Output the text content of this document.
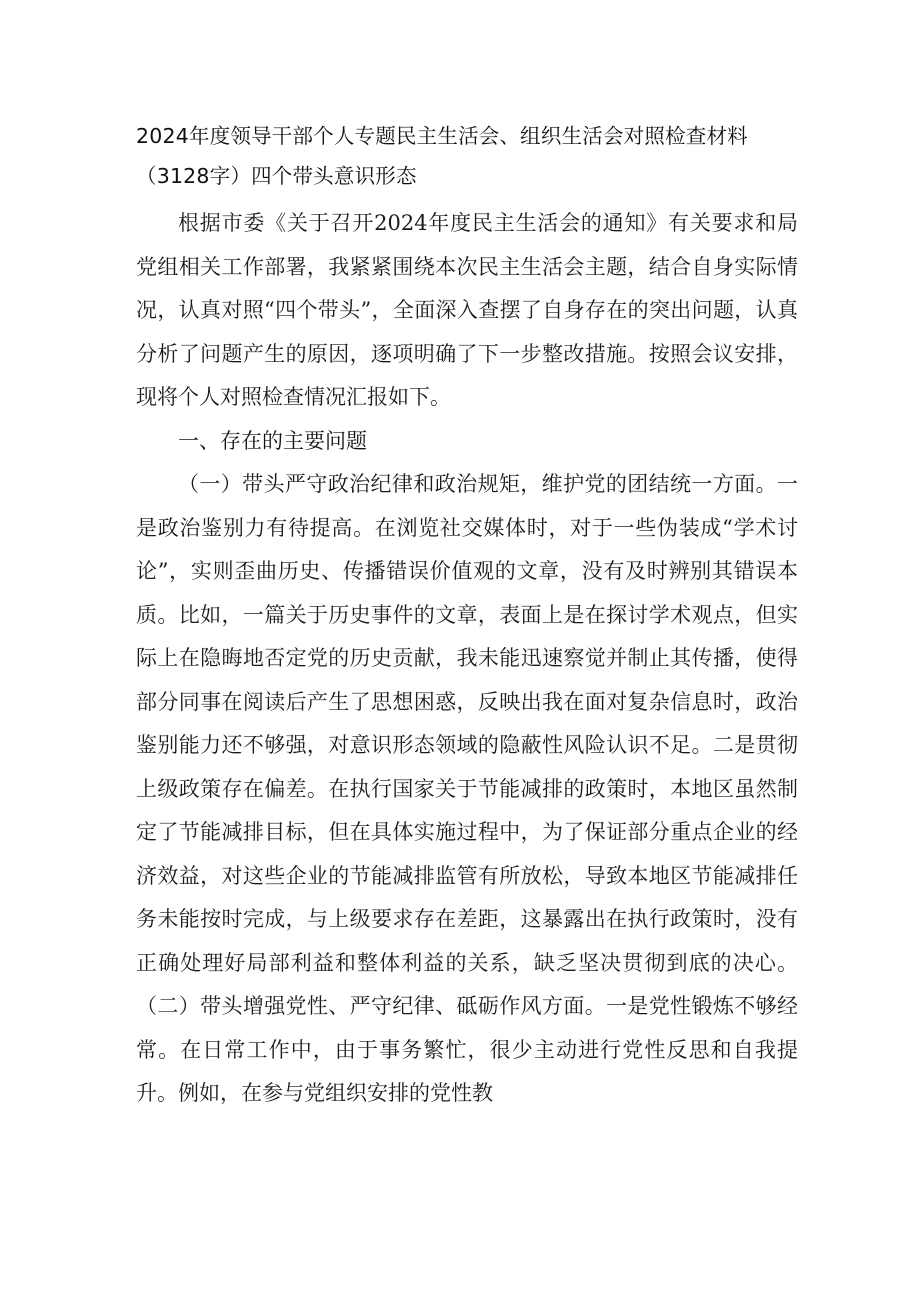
2024年度领导干部个人专题民主生活会、组织生活会对照检查材料（3128字）四个带头意识形态

根据市委《关于召开2024年度民主生活会的通知》有关要求和局党组相关工作部署，我紧紧围绕本次民主生活会主题，结合自身实际情况，认真对照“四个带头”，全面深入查摆了自身存在的突出问题，认真分析了问题产生的原因，逐项明确了下一步整改措施。按照会议安排，现将个人对照检查情况汇报如下。

一、存在的主要问题

（一）带头严守政治纪律和政治规矩，维护党的团结统一方面。一是政治鉴别力有待提高。在浏览社交媒体时，对于一些伪装成“学术讨论”，实则歪曲历史、传播错误价值观的文章，没有及时辨别其错误本质。比如，一篇关于历史事件的文章，表面上是在探讨学术观点，但实际上在隐晦地否定党的历史贡献，我未能迅速察觉并制止其传播，使得部分同事在阅读后产生了思想困惑，反映出我在面对复杂信息时，政治鉴别能力还不够强，对意识形态领域的隐蔽性风险认识不足。二是贯彻上级政策存在偏差。在执行国家关于节能减排的政策时，本地区虽然制定了节能减排目标，但在具体实施过程中，为了保证部分重点企业的经济效益，对这些企业的节能减排监管有所放松，导致本地区节能减排任务未能按时完成，与上级要求存在差距，这暴露出在执行政策时，没有正确处理好局部利益和整体利益的关系，缺乏坚决贯彻到底的决心。（二）带头增强党性、严守纪律、砥砺作风方面。一是党性锻炼不够经常。在日常工作中，由于事务繁忙，很少主动进行党性反思和自我提升。例如，在参与党组织安排的党性教
